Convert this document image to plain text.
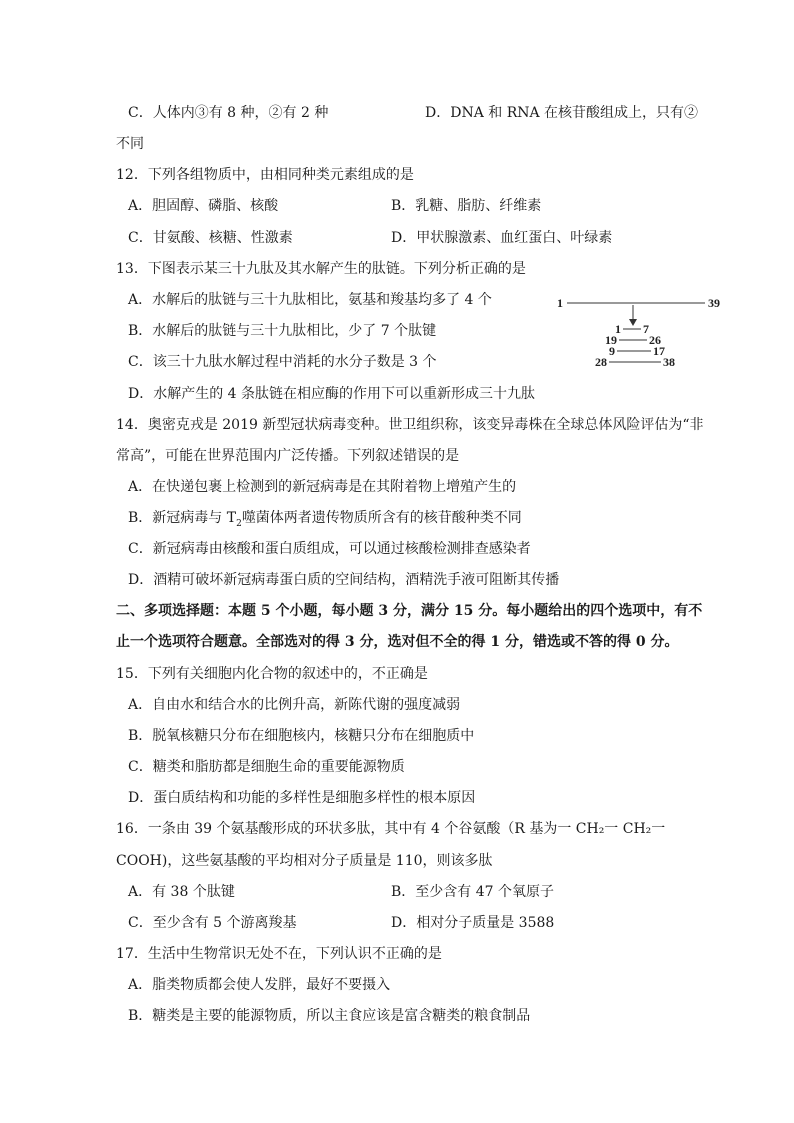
C．人体内③有 8 种，②有 2 种	D．DNA 和 RNA 在核苷酸组成上，只有②
不同
12．下列各组物质中，由相同种类元素组成的是
A．胆固醇、磷脂、核酸	B．乳糖、脂肪、纤维素
C．甘氨酸、核糖、性激素	D．甲状腺激素、血红蛋白、叶绿素
13．下图表示某三十九肽及其水解产生的肽链。下列分析正确的是
A．水解后的肽链与三十九肽相比，氨基和羧基均多了 4 个
B．水解后的肽链与三十九肽相比，少了 7 个肽键
C．该三十九肽水解过程中消耗的水分子数是 3 个
D．水解产生的 4 条肽链在相应酶的作用下可以重新形成三十九肽
1	39
1 7
19	26
9	17
28	38
14．奥密克戎是 2019 新型冠状病毒变种。世卫组织称，该变异毒株在全球总体风险评估为“非
常高”，可能在世界范围内广泛传播。下列叙述错误的是
A．在快递包裹上检测到的新冠病毒是在其附着物上增殖产生的
B．新冠病毒与 $T_2$噬菌体两者遗传物质所含有的核苷酸种类不同
C．新冠病毒由核酸和蛋白质组成，可以通过核酸检测排查感染者
D．酒精可破坏新冠病毒蛋白质的空间结构，酒精洗手液可阻断其传播
二、多项选择题：本题 5 个小题，每小题 3 分，满分 15 分。每小题给出的四个选项中，有不
止一个选项符合题意。全部选对的得 3 分，选对但不全的得 1 分，错选或不答的得 0 分。
15．下列有关细胞内化合物的叙述中的，不正确是
A．自由水和结合水的比例升高，新陈代谢的强度减弱
B．脱氧核糖只分布在细胞核内，核糖只分布在细胞质中
C．糖类和脂肪都是细胞生命的重要能源物质
D．蛋白质结构和功能的多样性是细胞多样性的根本原因
16．一条由 39 个氨基酸形成的环状多肽，其中有 4 个谷氨酸（R 基为一 CH₂一 CH₂一
COOH)，这些氨基酸的平均相对分子质量是 110，则该多肽
A．有 38 个肽键	B．至少含有 47 个氧原子
C．至少含有 5 个游离羧基	D．相对分子质量是 3588
17．生活中生物常识无处不在，下列认识不正确的是
A．脂类物质都会使人发胖，最好不要摄入
B．糖类是主要的能源物质，所以主食应该是富含糖类的粮食制品
